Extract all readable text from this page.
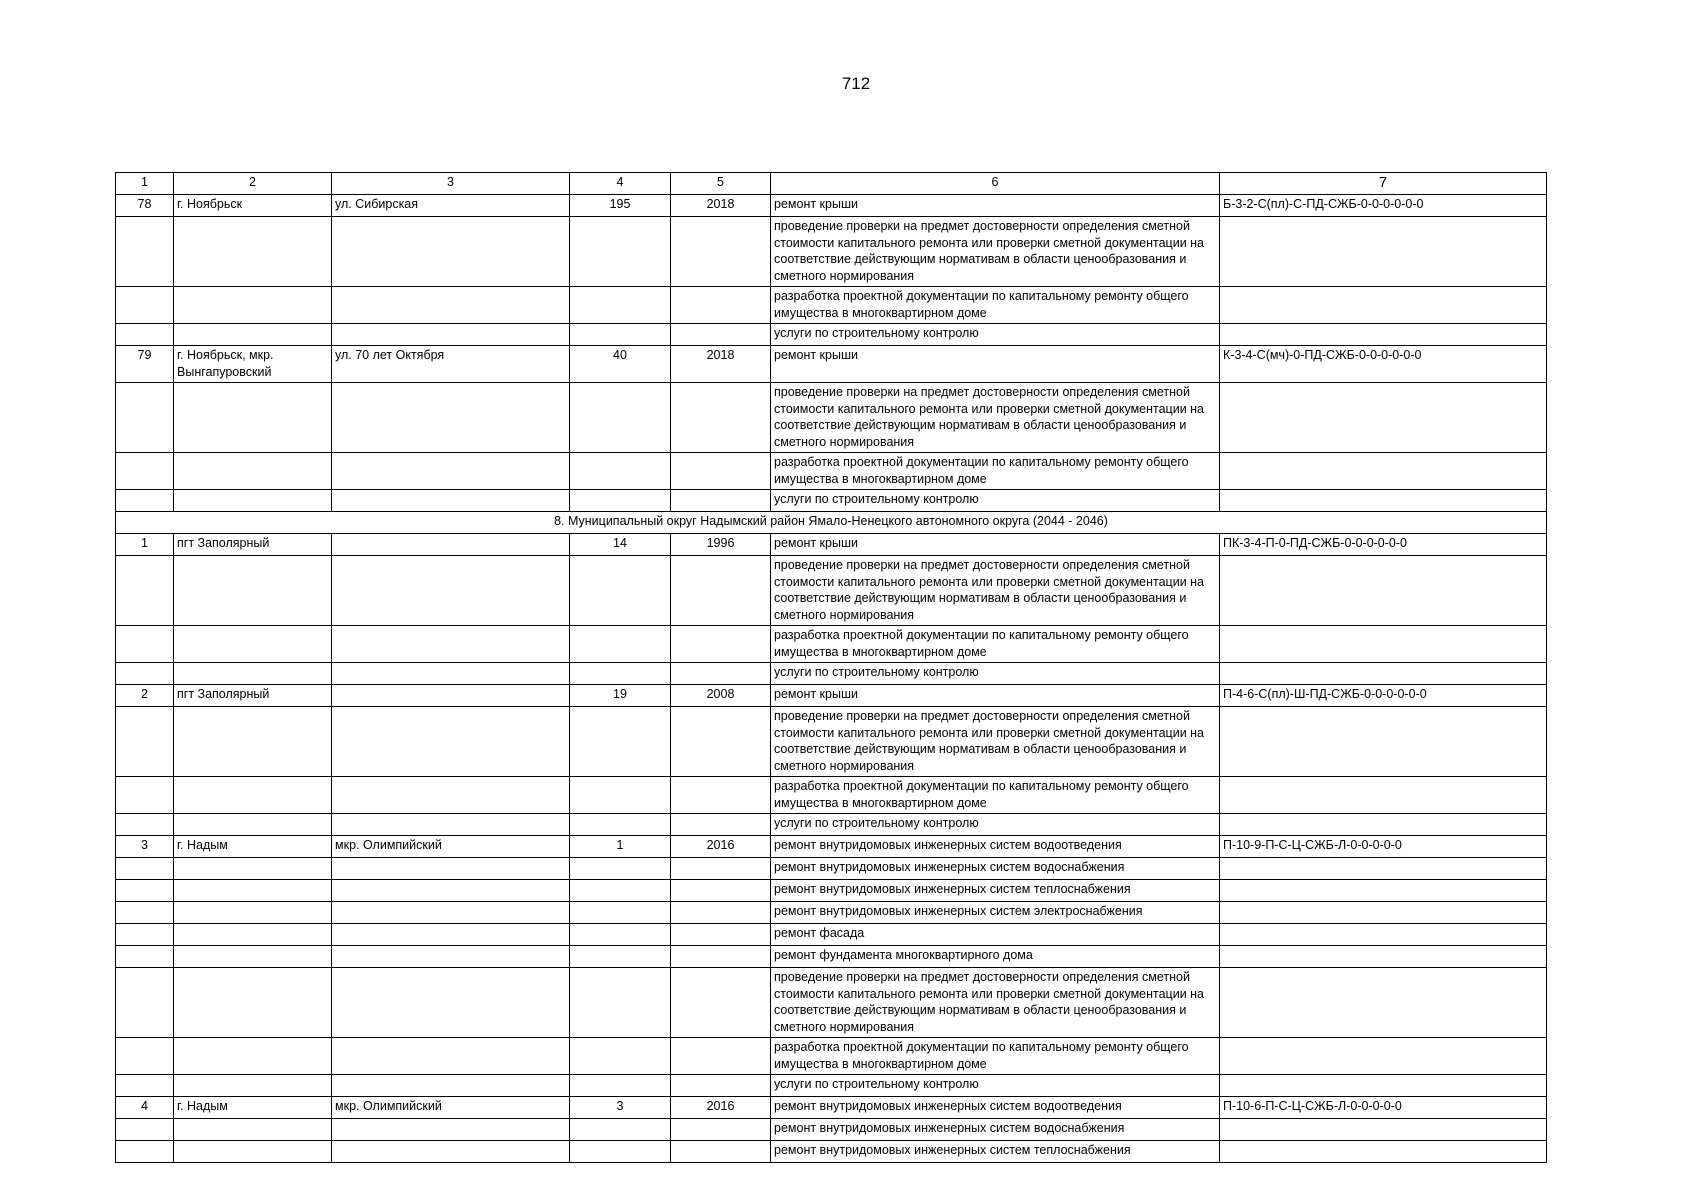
712
1	2	3	4	5	6	7
78	г. Ноябрьск	ул. Сибирская	195	2018	ремонт крыши	Б-3-2-С(пл)-С-ПД-СЖБ-0-0-0-0-0-0
					проведение проверки на предмет достоверности определения сметной стоимости капитального ремонта или проверки сметной документации на соответствие действующим нормативам в области ценообразования и сметного нормирования	
					разработка проектной документации по капитальному ремонту общего имущества в многоквартирном доме	
					услуги по строительному контролю	
79	г. Ноябрьск, мкр. Вынгапуровский	ул. 70 лет Октября	40	2018	ремонт крыши	К-3-4-С(мч)-0-ПД-СЖБ-0-0-0-0-0-0
					проведение проверки на предмет достоверности определения сметной стоимости капитального ремонта или проверки сметной документации на соответствие действующим нормативам в области ценообразования и сметного нормирования	
					разработка проектной документации по капитальному ремонту общего имущества в многоквартирном доме	
					услуги по строительному контролю	
8. Муниципальный округ Надымский район Ямало-Ненецкого автономного округа (2044 - 2046)						
1	пгт Заполярный		14	1996	ремонт крыши	ПК-3-4-П-0-ПД-СЖБ-0-0-0-0-0-0
					проведение проверки на предмет достоверности определения сметной стоимости капитального ремонта или проверки сметной документации на соответствие действующим нормативам в области ценообразования и сметного нормирования	
					разработка проектной документации по капитальному ремонту общего имущества в многоквартирном доме	
					услуги по строительному контролю	
2	пгт Заполярный		19	2008	ремонт крыши	П-4-6-С(пл)-Ш-ПД-СЖБ-0-0-0-0-0-0
					проведение проверки на предмет достоверности определения сметной стоимости капитального ремонта или проверки сметной документации на соответствие действующим нормативам в области ценообразования и сметного нормирования	
					разработка проектной документации по капитальному ремонту общего имущества в многоквартирном доме	
					услуги по строительному контролю	
3	г. Надым	мкр. Олимпийский	1	2016	ремонт внутридомовых инженерных систем водоотведения	П-10-9-П-С-Ц-СЖБ-Л-0-0-0-0-0
					ремонт внутридомовых инженерных систем водоснабжения	
					ремонт внутридомовых инженерных систем теплоснабжения	
					ремонт внутридомовых инженерных систем электроснабжения	
					ремонт фасада	
					ремонт фундамента многоквартирного дома	
					проведение проверки на предмет достоверности определения сметной стоимости капитального ремонта или проверки сметной документации на соответствие действующим нормативам в области ценообразования и сметного нормирования	
					разработка проектной документации по капитальному ремонту общего имущества в многоквартирном доме	
					услуги по строительному контролю	
4	г. Надым	мкр. Олимпийский	3	2016	ремонт внутридомовых инженерных систем водоотведения	П-10-6-П-С-Ц-СЖБ-Л-0-0-0-0-0
					ремонт внутридомовых инженерных систем водоснабжения	
					ремонт внутридомовых инженерных систем теплоснабжения	
